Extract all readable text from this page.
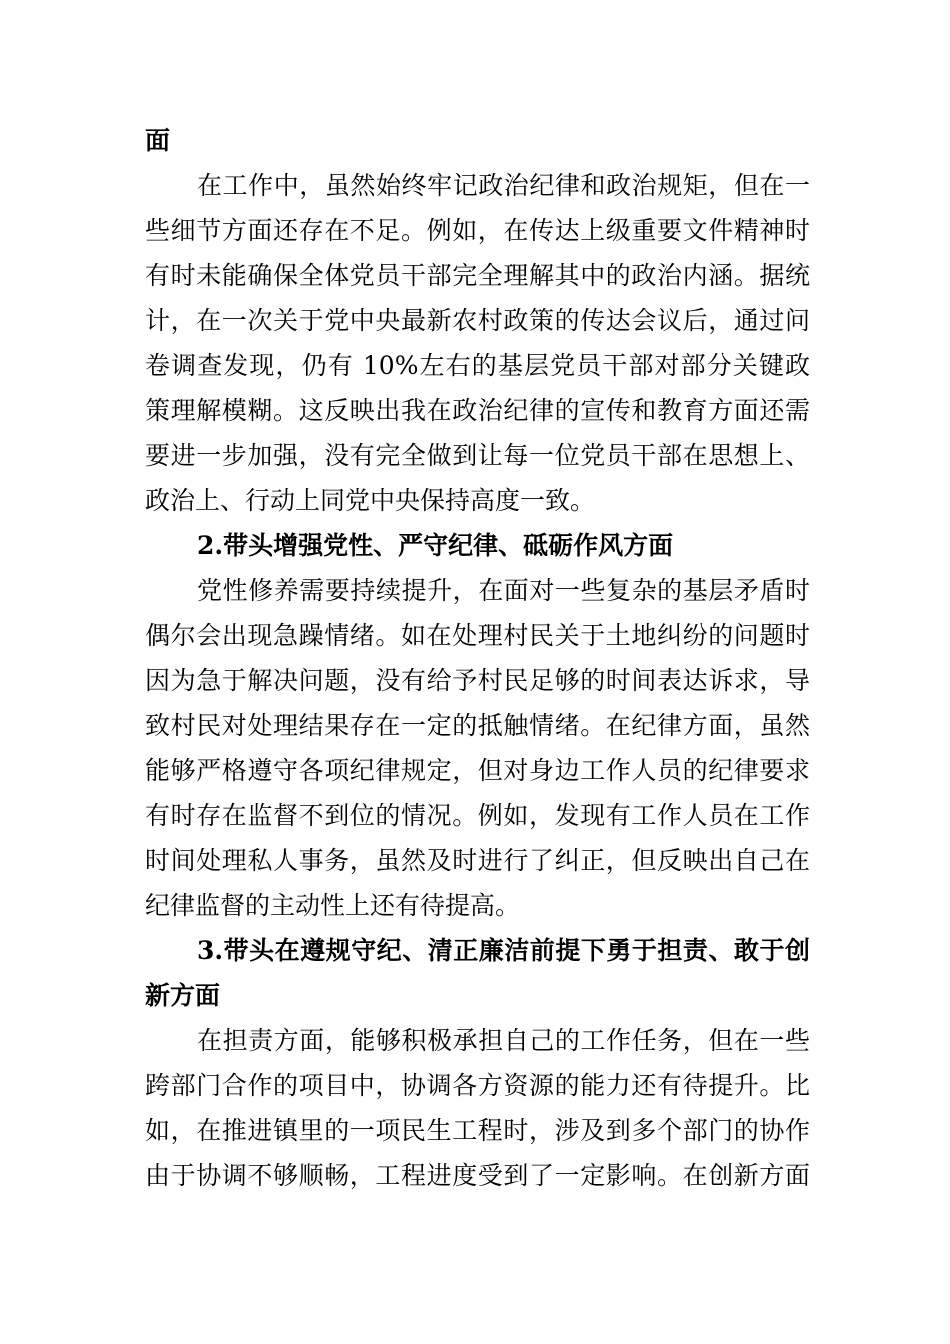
面
在工作中，虽然始终牢记政治纪律和政治规矩，但在一
些细节方面还存在不足。例如，在传达上级重要文件精神时
有时未能确保全体党员干部完全理解其中的政治内涵。据统
计，在一次关于党中央最新农村政策的传达会议后，通过问
卷调查发现，仍有 10%左右的基层党员干部对部分关键政
策理解模糊。这反映出我在政治纪律的宣传和教育方面还需
要进一步加强，没有完全做到让每一位党员干部在思想上、
政治上、行动上同党中央保持高度一致。
2.带头增强党性、严守纪律、砥砺作风方面
党性修养需要持续提升，在面对一些复杂的基层矛盾时
偶尔会出现急躁情绪。如在处理村民关于土地纠纷的问题时
因为急于解决问题，没有给予村民足够的时间表达诉求，导
致村民对处理结果存在一定的抵触情绪。在纪律方面，虽然
能够严格遵守各项纪律规定，但对身边工作人员的纪律要求
有时存在监督不到位的情况。例如，发现有工作人员在工作
时间处理私人事务，虽然及时进行了纠正，但反映出自己在
纪律监督的主动性上还有待提高。
3.带头在遵规守纪、清正廉洁前提下勇于担责、敢于创
新方面
在担责方面，能够积极承担自己的工作任务，但在一些
跨部门合作的项目中，协调各方资源的能力还有待提升。比
如，在推进镇里的一项民生工程时，涉及到多个部门的协作
由于协调不够顺畅，工程进度受到了一定影响。在创新方面
